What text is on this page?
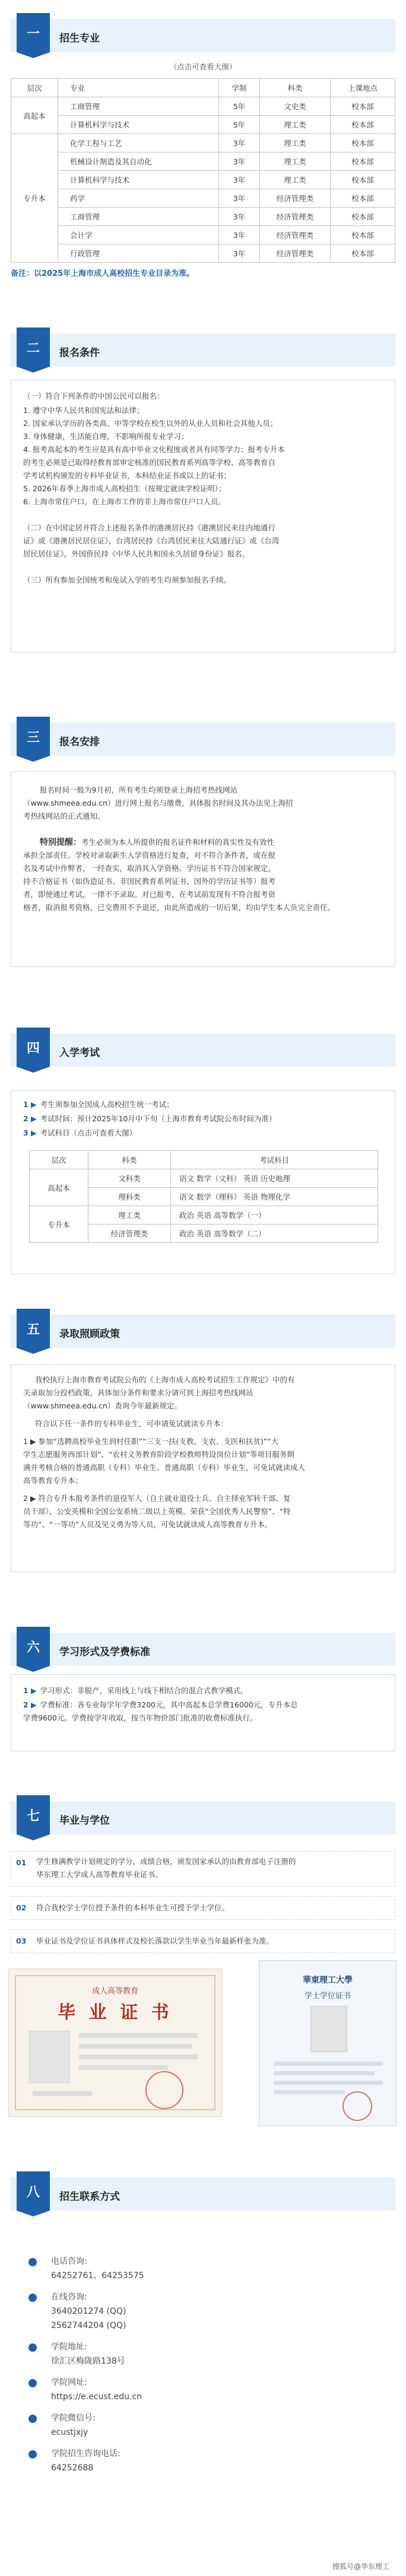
一	招生专业
（点击可查看大图）
层次	专业	学制	科类	上课地点
高起本	工商管理	5年	文史类	校本部
	计算机科学与技术	5年	理工类	校本部
专升本	化学工程与工艺	3年	理工类	校本部
	机械设计制造及其自动化	3年	理工类	校本部
	计算机科学与技术	3年	理工类	校本部
	药学	3年	经济管理类	校本部
	工商管理	3年	经济管理类	校本部
	会计学	3年	经济管理类	校本部
	行政管理	3年	经济管理类	校本部
备注：以2025年上海市成人高校招生专业目录为准。
二	报名条件
（一）符合下列条件的中国公民可以报名：
1. 遵守中华人民共和国宪法和法律；
2. 国家承认学历的各类高、中等学校在校生以外的从业人员和社会其他人员；
3. 身体健康，生活能自理，不影响所报专业学习；
4. 报考高起本的考生应是具有高中毕业文化程度或者具有同等学力；报考专升本
的考生必须是已取得经教育部审定核准的国民教育系列高等学校、高等教育自
学考试机构颁发的专科毕业证书，本科结业证书或以上的证书；
5. 2026年春季上海市成人高校招生（按规定就读学校证明）；
6. 上海市常住户口，在上海市工作的非上海市常住户口人员。
（二）在中国定居并符合上述报名条件的港澳居民持《港澳居民来往内地通行
证》或《港澳居民居住证》，台湾居民持《台湾居民来往大陆通行证》或《台湾
居民居住证》，外国侨民持《中华人民共和国永久居留身份证》报名。
（三）所有参加全国统考和免试入学的考生均须参加报名手续。
三	报名安排
报名时间一般为9月初，所有考生均须登录上海招考热线网站
（www.shmeea.edu.cn）进行网上报名与缴费，具体报名时间及其办法见上海招
考热线网站的正式通知。
特别提醒：考生必须为本人所提供的报名证件和材料的真实性及有效性
承担全部责任。学校对录取新生入学资格进行复查，对不符合条件者，或在报
名及考试中作弊者，一经查实，取消其入学资格。学历证书不符合国家规定，
持不合格证书（如伪造证书、非国民教育系列证书、国外的学历证书等）报考
者，即使通过考试，一律不予录取。对已报考，在考试前发现有不符合报考资
格者，取消报考资格，已交费用不予退还，由此所造成的一切后果，均由学生本人负完全责任。
四	入学考试
1 ▶ 考生须参加全国成人高校招生统一考试；
2 ▶ 考试时间：预计2025年10月中下旬（上海市教育考试院公布时间为准）
3 ▶ 考试科目（点击可查看大图）
层次	科类	考试科目
高起本	文科类	语文 数学（文科） 英语 历史地理
	理科类	语文 数学（理科） 英语 物理化学
专升本	理工类	政治 英语 高等数学（一）
	经济管理类	政治 英语 高等数学（二）
五	录取照顾政策
我校执行上海市教育考试院公布的《上海市成人高校考试招生工作规定》中的有
关录取加分投档政策，具体加分条件和要求分请可到上海招考热线网站
（www.shmeea.edu.cn）查询今年最新规定。
符合以下任一条件的专科毕业生，可申请免试就读专升本：
1 ▶ 参加“选聘高校毕业生到村任职”“三支一扶(支教、支农、支医和扶贫)”“大
学生志愿服务西部计划”、“农村义务教育阶段学校教师特设岗位计划”等项目服务期
满并考核合格的普通高职（专科）毕业生、普通高职（专科）毕业生，可免试就读成人
高等教育专升本；
2 ▶ 符合专升本报考条件的退役军人（自主就业退役士兵、自主择业军转干部、复
员干部）、公安英模和全国公安系统二级以上英模、荣获“全国优秀人民警察”、“特
等功”、“一等功”人员及见义勇为等人员，可免试就读成人高等教育专升本。
六	学习形式及学费标准
1 ▶ 学习形式：非脱产，采用线上与线下相结合的混合式教学模式。
2 ▶ 学费标准：各专业每学年学费3200元，其中高起本总学费16000元，专升本总
学费9600元。学费按学年收取，按当年物价部门批准的收费标准执行。
七	毕业与学位
01 学生修满教学计划规定的学分，成绩合格，颁发国家承认的由教育部电子注册的
华东理工大学成人高等教育毕业证书。
02 符合我校学士学位授予条件的本科毕业生可授予学士学位。
03 毕业证书及学位证书具体样式及校长落款以学生毕业当年最新样张为准。
成人高等教育
毕 业 证 书
華東理工大學
学士学位证书
八	招生联系方式
电话咨询:
64252761、64253575
在线咨询:
3640201274 (QQ)
2562744204 (QQ)
学院地址:
徐汇区梅陇路138号
学院网址:
https://e.ecust.edu.cn
学院微信号:
ecustjxjy
学院招生咨询电话:
64252688
搜狐号@华东理工
